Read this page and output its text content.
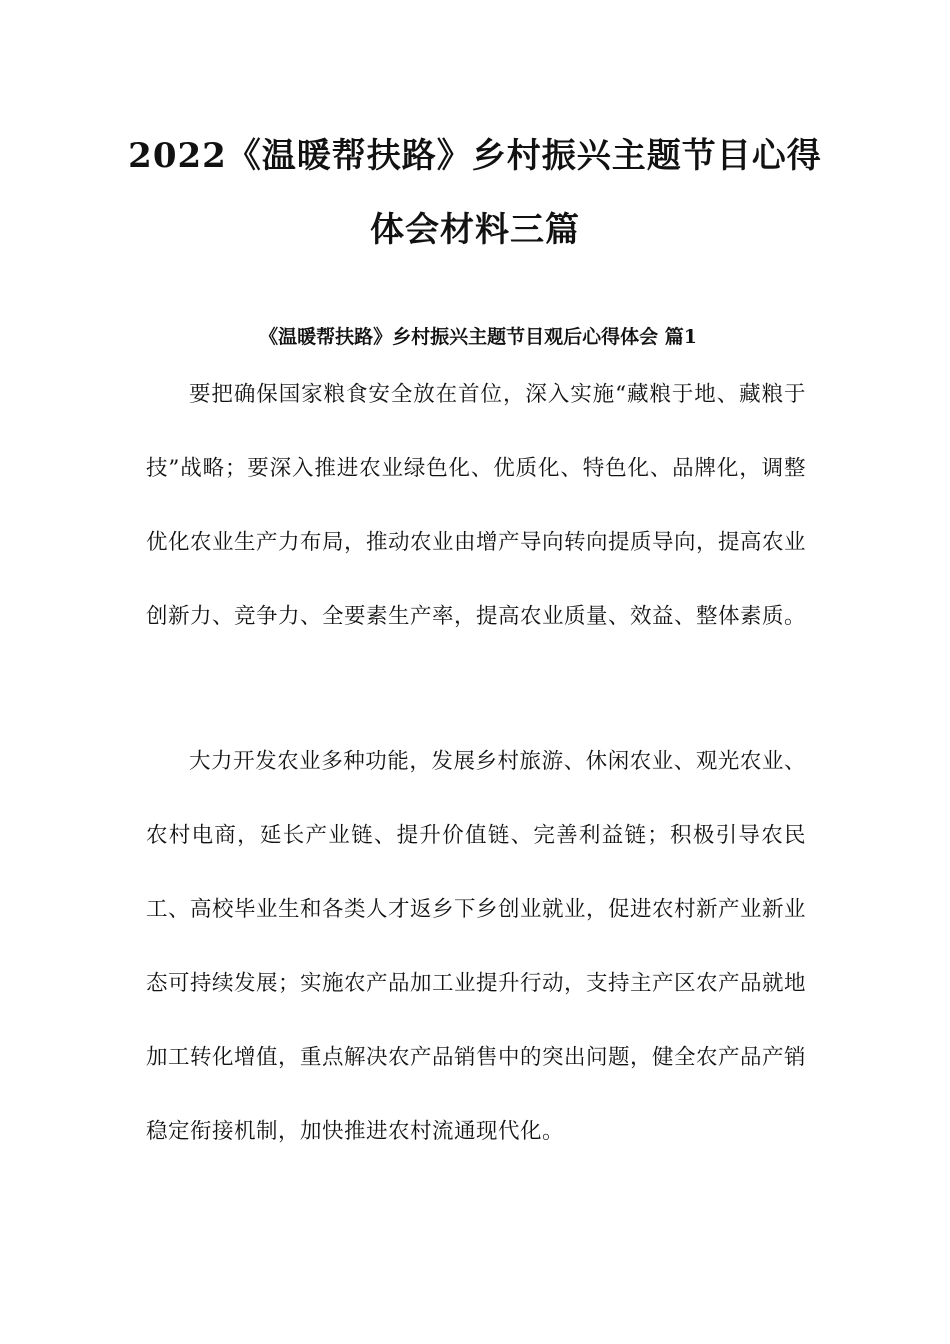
2022《温暖帮扶路》乡村振兴主题节目心得体会材料三篇
《温暖帮扶路》乡村振兴主题节目观后心得体会 篇1

要把确保国家粮食安全放在首位，深入实施“藏粮于地、藏粮于技”战略；要深入推进农业绿色化、优质化、特色化、品牌化，调整优化农业生产力布局，推动农业由增产导向转向提质导向，提高农业创新力、竞争力、全要素生产率，提高农业质量、效益、整体素质。

大力开发农业多种功能，发展乡村旅游、休闲农业、观光农业、农村电商，延长产业链、提升价值链、完善利益链；积极引导农民工、高校毕业生和各类人才返乡下乡创业就业，促进农村新产业新业态可持续发展；实施农产品加工业提升行动，支持主产区农产品就地加工转化增值，重点解决农产品销售中的突出问题，健全农产品产销稳定衔接机制，加快推进农村流通现代化。
